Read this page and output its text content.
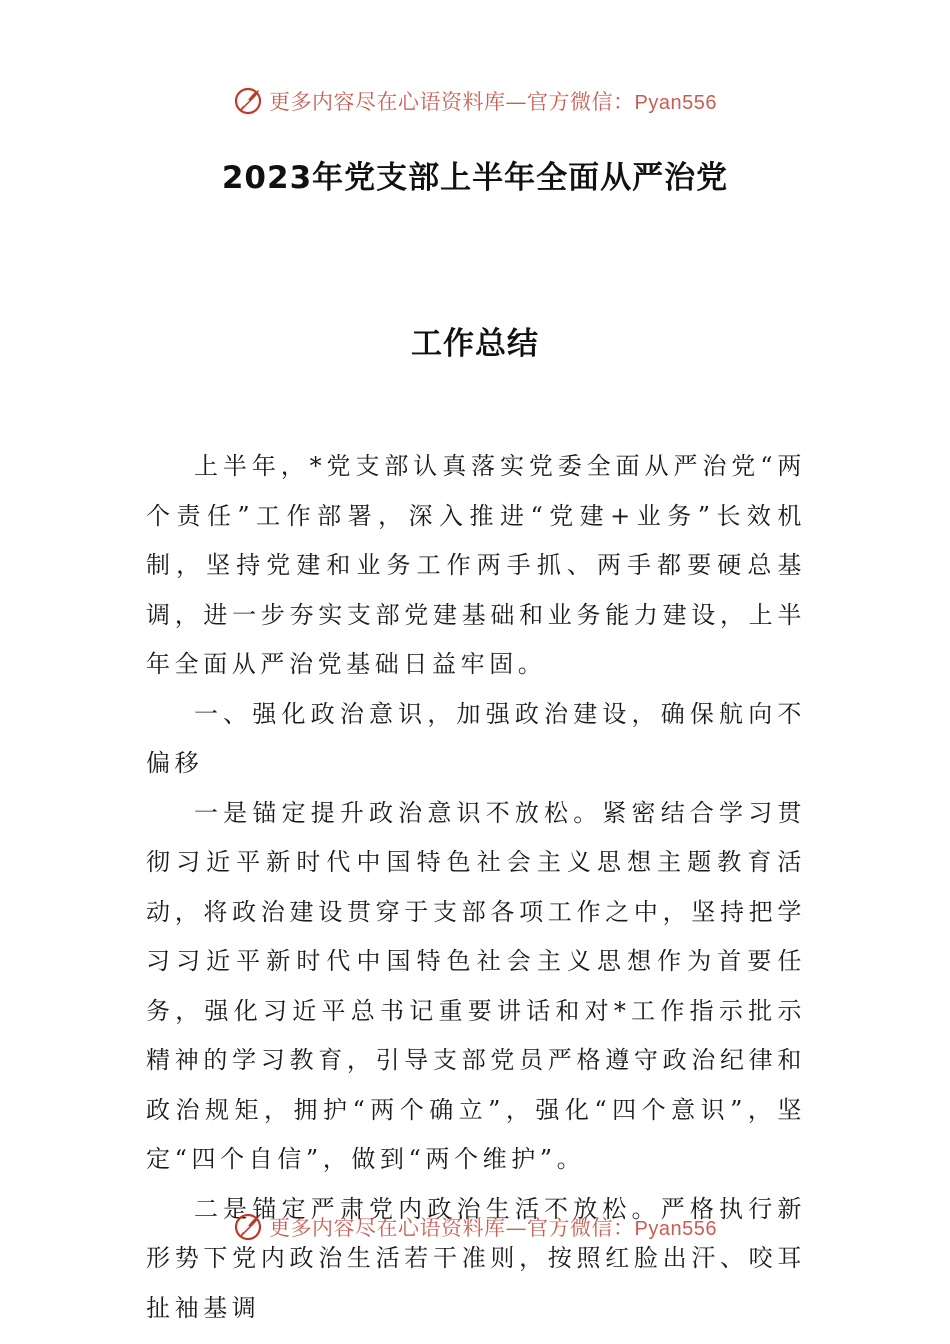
更多内容尽在心语资料库—官方微信：Pyan556
2023年党支部上半年全面从严治党
工作总结

上半年，*党支部认真落实党委全面从严治党“两个责任”工作部署，深入推进“党建+业务”长效机制，坚持党建和业务工作两手抓、两手都要硬总基调，进一步夯实支部党建基础和业务能力建设，上半年全面从严治党基础日益牢固。

一、强化政治意识，加强政治建设，确保航向不偏移

一是锚定提升政治意识不放松。紧密结合学习贯彻习近平新时代中国特色社会主义思想主题教育活动，将政治建设贯穿于支部各项工作之中，坚持把学习习近平新时代中国特色社会主义思想作为首要任务，强化习近平总书记重要讲话和对*工作指示批示精神的学习教育，引导支部党员严格遵守政治纪律和政治规矩，拥护“两个确立”，强化“四个意识”，坚定“四个自信”，做到“两个维护”。

二是锚定严肃党内政治生活不放松。严格执行新形势下党内政治生活若干准则，按照红脸出汗、咬耳扯袖基调

更多内容尽在心语资料库—官方微信：Pyan556
